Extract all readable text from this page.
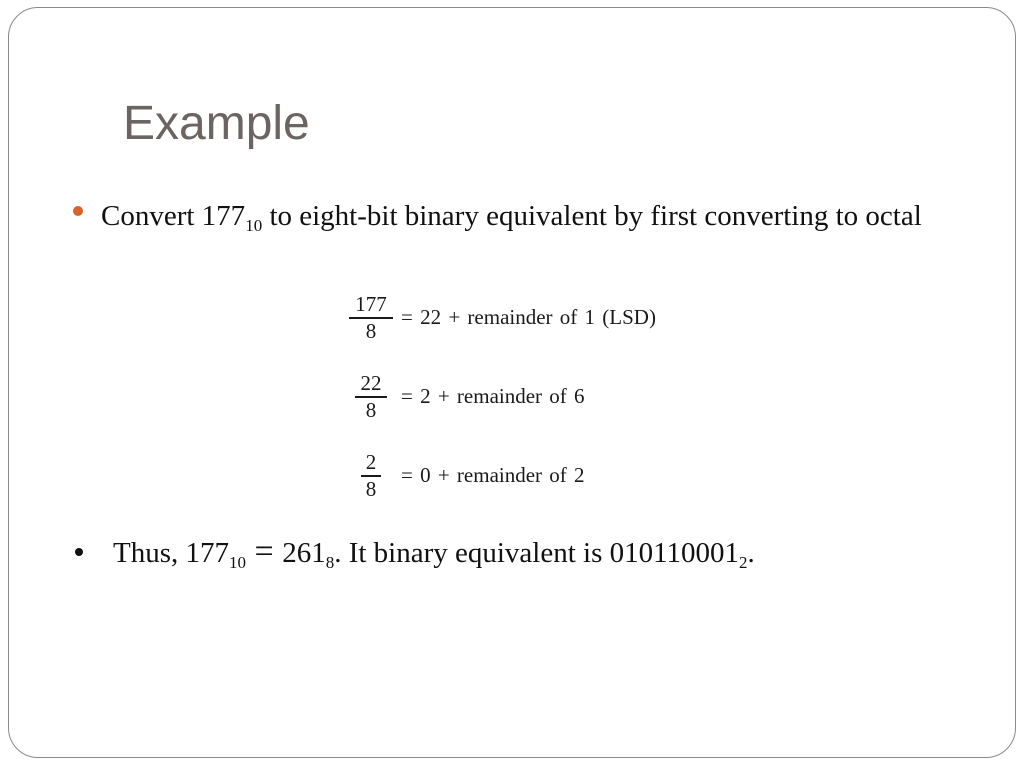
Example
Convert $177_{10}$ to eight-bit binary equivalent by first converting to octal
$\frac{177}{8} = 22$ + remainder of 1 (LSD)
$\frac{22}{8} = 2$ + remainder of 6
$\frac{2}{8} = 0$ + remainder of 2
Thus, $177_{10} = 261_8$. It binary equivalent is $010110001_2$.
